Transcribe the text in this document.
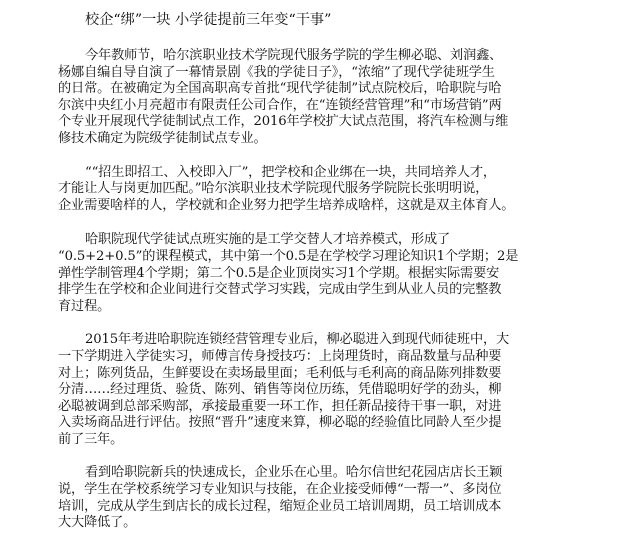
校企“绑”一块 小学徒提前三年变“干事”
今年教师节，哈尔滨职业技术学院现代服务学院的学生柳必聪、刘润鑫、
杨娜自编自导自演了一幕情景剧《我的学徒日子》，“浓缩”了现代学徒班学生
的日常。在被确定为全国高职高专首批“现代学徒制”试点院校后，哈职院与哈
尔滨中央红小月亮超市有限责任公司合作，在“连锁经营管理”和“市场营销”两
个专业开展现代学徒制试点工作，2016年学校扩大试点范围，将汽车检测与维
修技术确定为院级学徒制试点专业。
““招生即招工、入校即入厂”，把学校和企业绑在一块，共同培养人才，
才能让人与岗更加匹配。”哈尔滨职业技术学院现代服务学院院长张明明说，
企业需要啥样的人，学校就和企业努力把学生培养成啥样，这就是双主体育人。
哈职院现代学徒试点班实施的是工学交替人才培养模式，形成了
“0.5+2+0.5”的课程模式，其中第一个0.5是在学校学习理论知识1个学期；2是
弹性学制管理4个学期；第二个0.5是企业顶岗实习1个学期。根据实际需要安
排学生在学校和企业间进行交替式学习实践，完成由学生到从业人员的完整教
育过程。
2015年考进哈职院连锁经营管理专业后，柳必聪进入到现代师徒班中，大
一下学期进入学徒实习，师傅言传身授技巧：上岗理货时，商品数量与品种要
对上；陈列货品，生鲜要设在卖场最里面；毛利低与毛利高的商品陈列排数要
分清……经过理货、验货、陈列、销售等岗位历练，凭借聪明好学的劲头，柳
必聪被调到总部采购部，承接最重要一环工作，担任新品接待干事一职，对进
入卖场商品进行评估。按照“晋升”速度来算，柳必聪的经验值比同龄人至少提
前了三年。
看到哈职院新兵的快速成长，企业乐在心里。哈尔信世纪花园店店长王颖
说，学生在学校系统学习专业知识与技能，在企业接受师傅“一帮一”、多岗位
培训，完成从学生到店长的成长过程，缩短企业员工培训周期，员工培训成本
大大降低了。
